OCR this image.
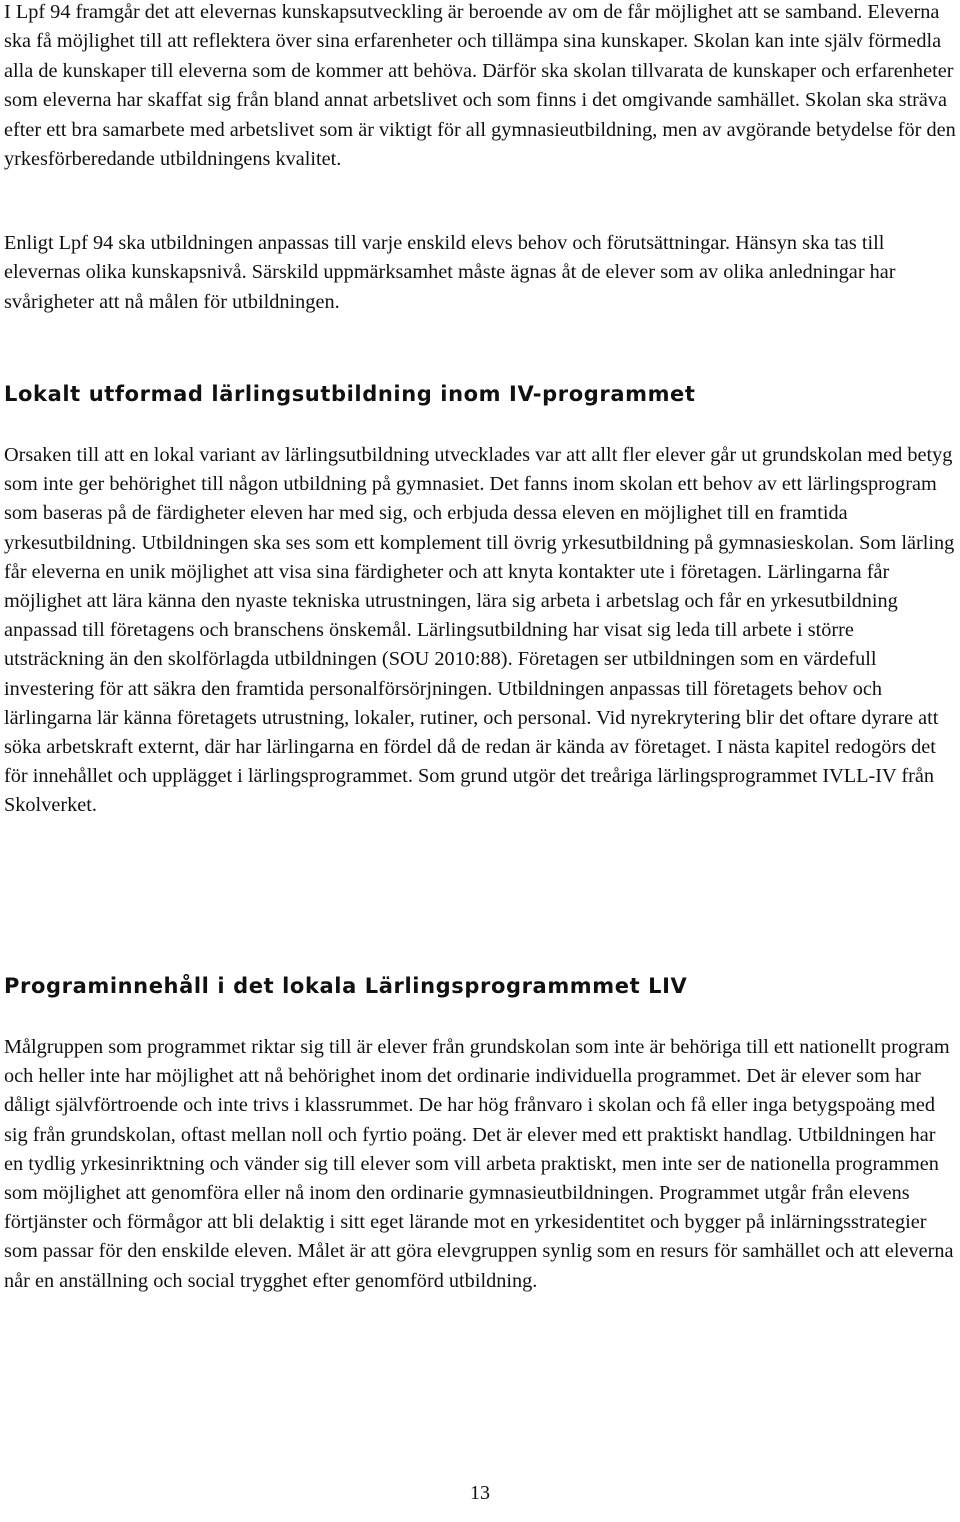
I Lpf 94 framgår det att elevernas kunskapsutveckling är beroende av om de får möjlighet att se samband. Eleverna ska få möjlighet till att reflektera över sina erfarenheter och tillämpa sina kunskaper. Skolan kan inte själv förmedla alla de kunskaper till eleverna som de kommer att behöva. Därför ska skolan tillvarata de kunskaper och erfarenheter som eleverna har skaffat sig från bland annat arbetslivet och som finns i det omgivande samhället. Skolan ska sträva efter ett bra samarbete med arbetslivet som är viktigt för all gymnasieutbildning, men av avgörande betydelse för den yrkesförberedande utbildningens kvalitet.

Enligt Lpf 94 ska utbildningen anpassas till varje enskild elevs behov och förutsättningar. Hänsyn ska tas till elevernas olika kunskapsnivå. Särskild uppmärksamhet måste ägnas åt de elever som av olika anledningar har svårigheter att nå målen för utbildningen.

Lokalt utformad lärlingsutbildning inom IV-programmet

Orsaken till att en lokal variant av lärlingsutbildning utvecklades var att allt fler elever går ut grundskolan med betyg som inte ger behörighet till någon utbildning på gymnasiet. Det fanns inom skolan ett behov av ett lärlingsprogram som baseras på de färdigheter eleven har med sig, och erbjuda dessa eleven en möjlighet till en framtida yrkesutbildning. Utbildningen ska ses som ett komplement till övrig yrkesutbildning på gymnasieskolan. Som lärling får eleverna en unik möjlighet att visa sina färdigheter och att knyta kontakter ute i företagen. Lärlingarna får möjlighet att lära känna den nyaste tekniska utrustningen, lära sig arbeta i arbetslag och får en yrkesutbildning anpassad till företagens och branschens önskemål. Lärlingsutbildning har visat sig leda till arbete i större utsträckning än den skolförlagda utbildningen (SOU 2010:88). Företagen ser utbildningen som en värdefull investering för att säkra den framtida personalförsörjningen. Utbildningen anpassas till företagets behov och lärlingarna lär känna företagets utrustning, lokaler, rutiner, och personal. Vid nyrekrytering blir det oftare dyrare att söka arbetskraft externt, där har lärlingarna en fördel då de redan är kända av företaget. I nästa kapitel redogörs det för innehållet och upplägget i lärlingsprogrammet. Som grund utgör det treåriga lärlingsprogrammet IVLL-IV från Skolverket.

Programinnehåll i det lokala Lärlingsprogrammmet LIV

Målgruppen som programmet riktar sig till är elever från grundskolan som inte är behöriga till ett nationellt program och heller inte har möjlighet att nå behörighet inom det ordinarie individuella programmet. Det är elever som har dåligt självförtroende och inte trivs i klassrummet. De har hög frånvaro i skolan och få eller inga betygspoäng med sig från grundskolan, oftast mellan noll och fyrtio poäng. Det är elever med ett praktiskt handlag. Utbildningen har en tydlig yrkesinriktning och vänder sig till elever som vill arbeta praktiskt, men inte ser de nationella programmen som möjlighet att genomföra eller nå inom den ordinarie gymnasieutbildningen. Programmet utgår från elevens förtjänster och förmågor att bli delaktig i sitt eget lärande mot en yrkesidentitet och bygger på inlärningsstrategier som passar för den enskilde eleven. Målet är att göra elevgruppen synlig som en resurs för samhället och att eleverna når en anställning och social trygghet efter genomförd utbildning.

13
